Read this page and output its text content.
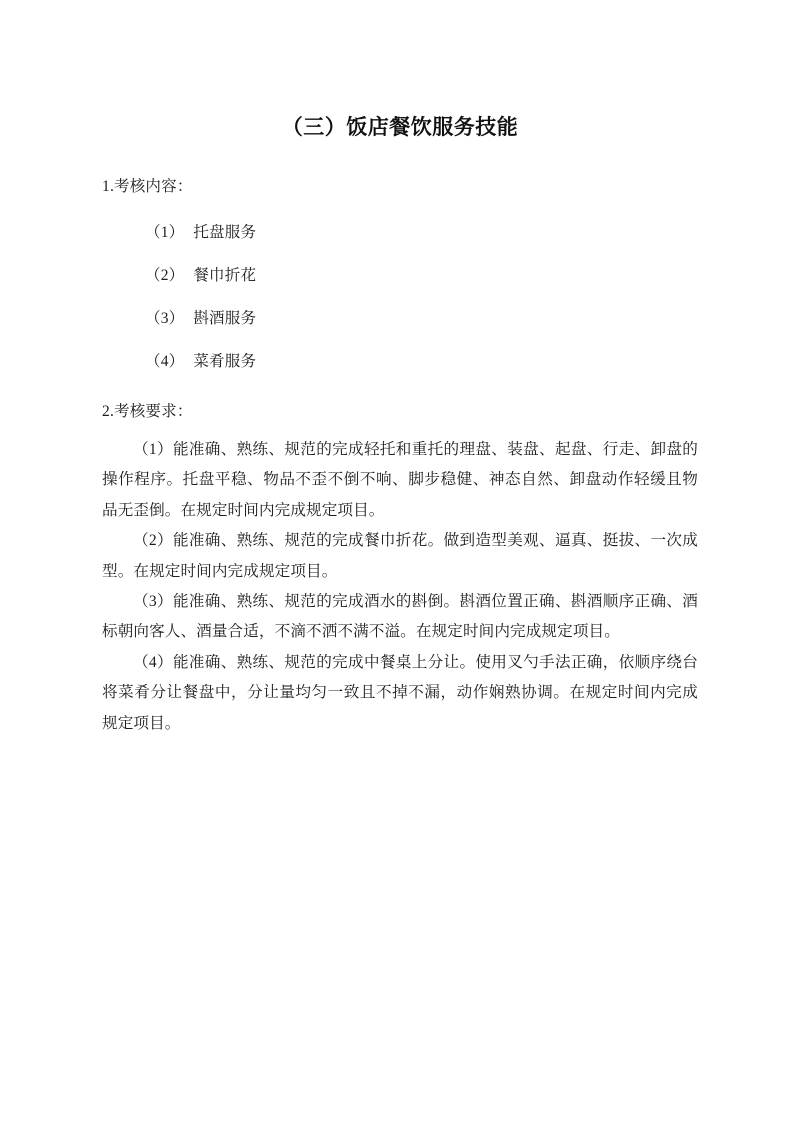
（三）饭店餐饮服务技能

1.考核内容：

（1） 托盘服务
（2） 餐巾折花
（3） 斟酒服务
（4） 菜肴服务

2.考核要求：

（1）能准确、熟练、规范的完成轻托和重托的理盘、装盘、起盘、行走、卸盘的操作程序。托盘平稳、物品不歪不倒不响、脚步稳健、神态自然、卸盘动作轻缓且物品无歪倒。在规定时间内完成规定项目。
（2）能准确、熟练、规范的完成餐巾折花。做到造型美观、逼真、挺拔、一次成型。在规定时间内完成规定项目。
（3）能准确、熟练、规范的完成酒水的斟倒。斟酒位置正确、斟酒顺序正确、酒标朝向客人、酒量合适，不滴不洒不满不溢。在规定时间内完成规定项目。
（4）能准确、熟练、规范的完成中餐桌上分让。使用叉勺手法正确，依顺序绕台将菜肴分让餐盘中，分让量均匀一致且不掉不漏，动作娴熟协调。在规定时间内完成规定项目。
